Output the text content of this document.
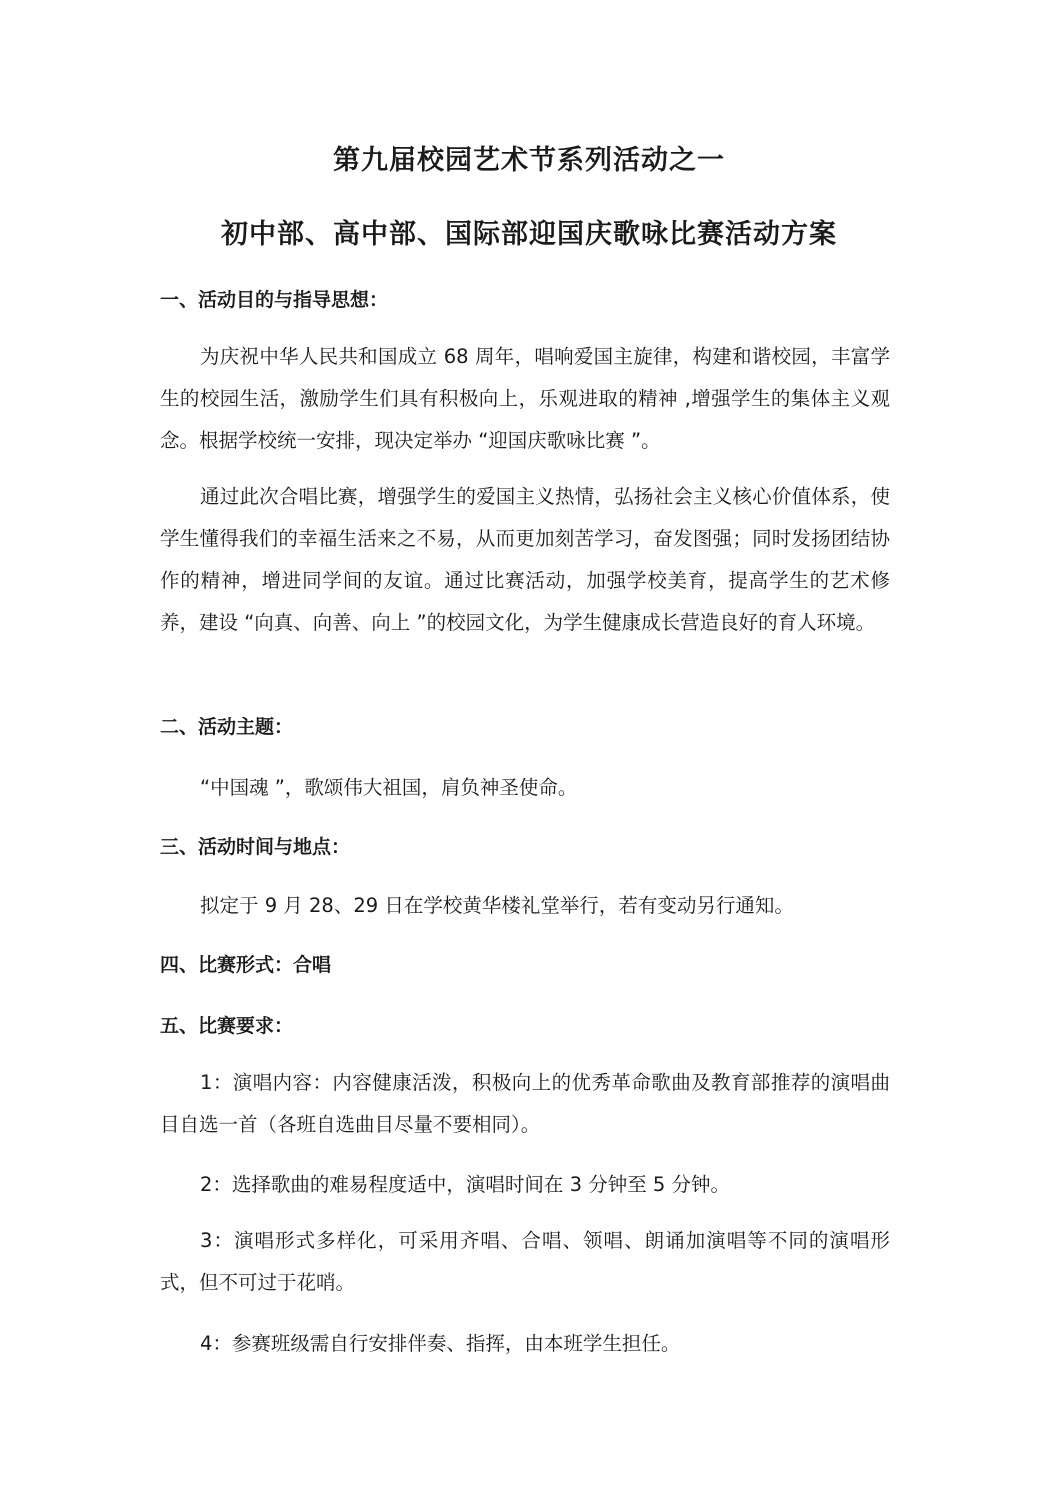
第九届校园艺术节系列活动之一
初中部、高中部、国际部迎国庆歌咏比赛活动方案
一、活动目的与指导思想：
为庆祝中华人民共和国成立 68 周年，唱响爱国主旋律，构建和谐校园，丰富学生的校园生活，激励学生们具有积极向上，乐观进取的精神 ,增强学生的集体主义观念。根据学校统一安排，现决定举办 “迎国庆歌咏比赛 ”。
通过此次合唱比赛，增强学生的爱国主义热情，弘扬社会主义核心价值体系，使学生懂得我们的幸福生活来之不易，从而更加刻苦学习，奋发图强；同时发扬团结协作的精神，增进同学间的友谊。通过比赛活动，加强学校美育，提高学生的艺术修养，建设 “向真、向善、向上 ”的校园文化，为学生健康成长营造良好的育人环境。
二、活动主题：
“中国魂 ”，歌颂伟大祖国，肩负神圣使命。
三、活动时间与地点：
拟定于 9 月 28、29 日在学校黄华楼礼堂举行，若有变动另行通知。
四、比赛形式：合唱
五、比赛要求：
1：演唱内容：内容健康活泼，积极向上的优秀革命歌曲及教育部推荐的演唱曲目自选一首（各班自选曲目尽量不要相同）。
2：选择歌曲的难易程度适中，演唱时间在 3 分钟至 5 分钟。
3：演唱形式多样化，可采用齐唱、合唱、领唱、朗诵加演唱等不同的演唱形式，但不可过于花哨。
4：参赛班级需自行安排伴奏、指挥，由本班学生担任。
